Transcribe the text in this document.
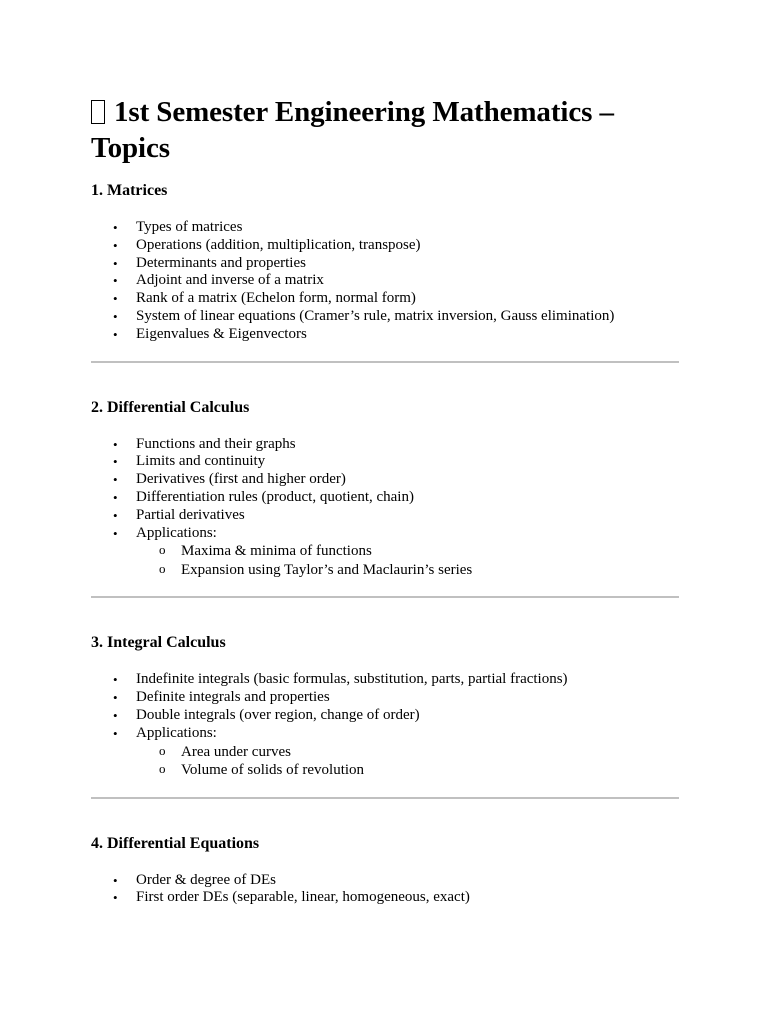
1st Semester Engineering Mathematics – Topics
1. Matrices
• Types of matrices
• Operations (addition, multiplication, transpose)
• Determinants and properties
• Adjoint and inverse of a matrix
• Rank of a matrix (Echelon form, normal form)
• System of linear equations (Cramer’s rule, matrix inversion, Gauss elimination)
• Eigenvalues & Eigenvectors
2. Differential Calculus
• Functions and their graphs
• Limits and continuity
• Derivatives (first and higher order)
• Differentiation rules (product, quotient, chain)
• Partial derivatives
• Applications:
o Maxima & minima of functions
o Expansion using Taylor’s and Maclaurin’s series
3. Integral Calculus
• Indefinite integrals (basic formulas, substitution, parts, partial fractions)
• Definite integrals and properties
• Double integrals (over region, change of order)
• Applications:
o Area under curves
o Volume of solids of revolution
4. Differential Equations
• Order & degree of DEs
• First order DEs (separable, linear, homogeneous, exact)
